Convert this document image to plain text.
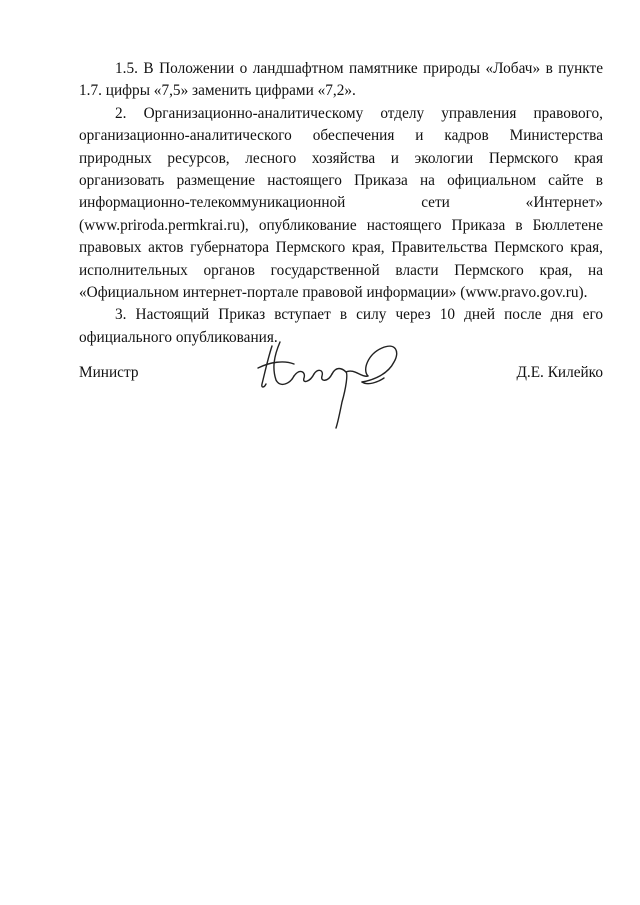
1.5. В Положении о ландшафтном памятнике природы «Лобач» в пункте 1.7. цифры «7,5» заменить цифрами «7,2».

2. Организационно-аналитическому отделу управления правового, организационно-аналитического обеспечения и кадров Министерства природных ресурсов, лесного хозяйства и экологии Пермского края организовать размещение настоящего Приказа на официальном сайте в информационно-телекоммуникационной сети «Интернет» (www.priroda.permkrai.ru), опубликование настоящего Приказа в Бюллетене правовых актов губернатора Пермского края, Правительства Пермского края, исполнительных органов государственной власти Пермского края, на «Официальном интернет-портале правовой информации» (www.pravo.gov.ru).

3. Настоящий Приказ вступает в силу через 10 дней после дня его официального опубликования.

Министр	Д.Е. Килейко
